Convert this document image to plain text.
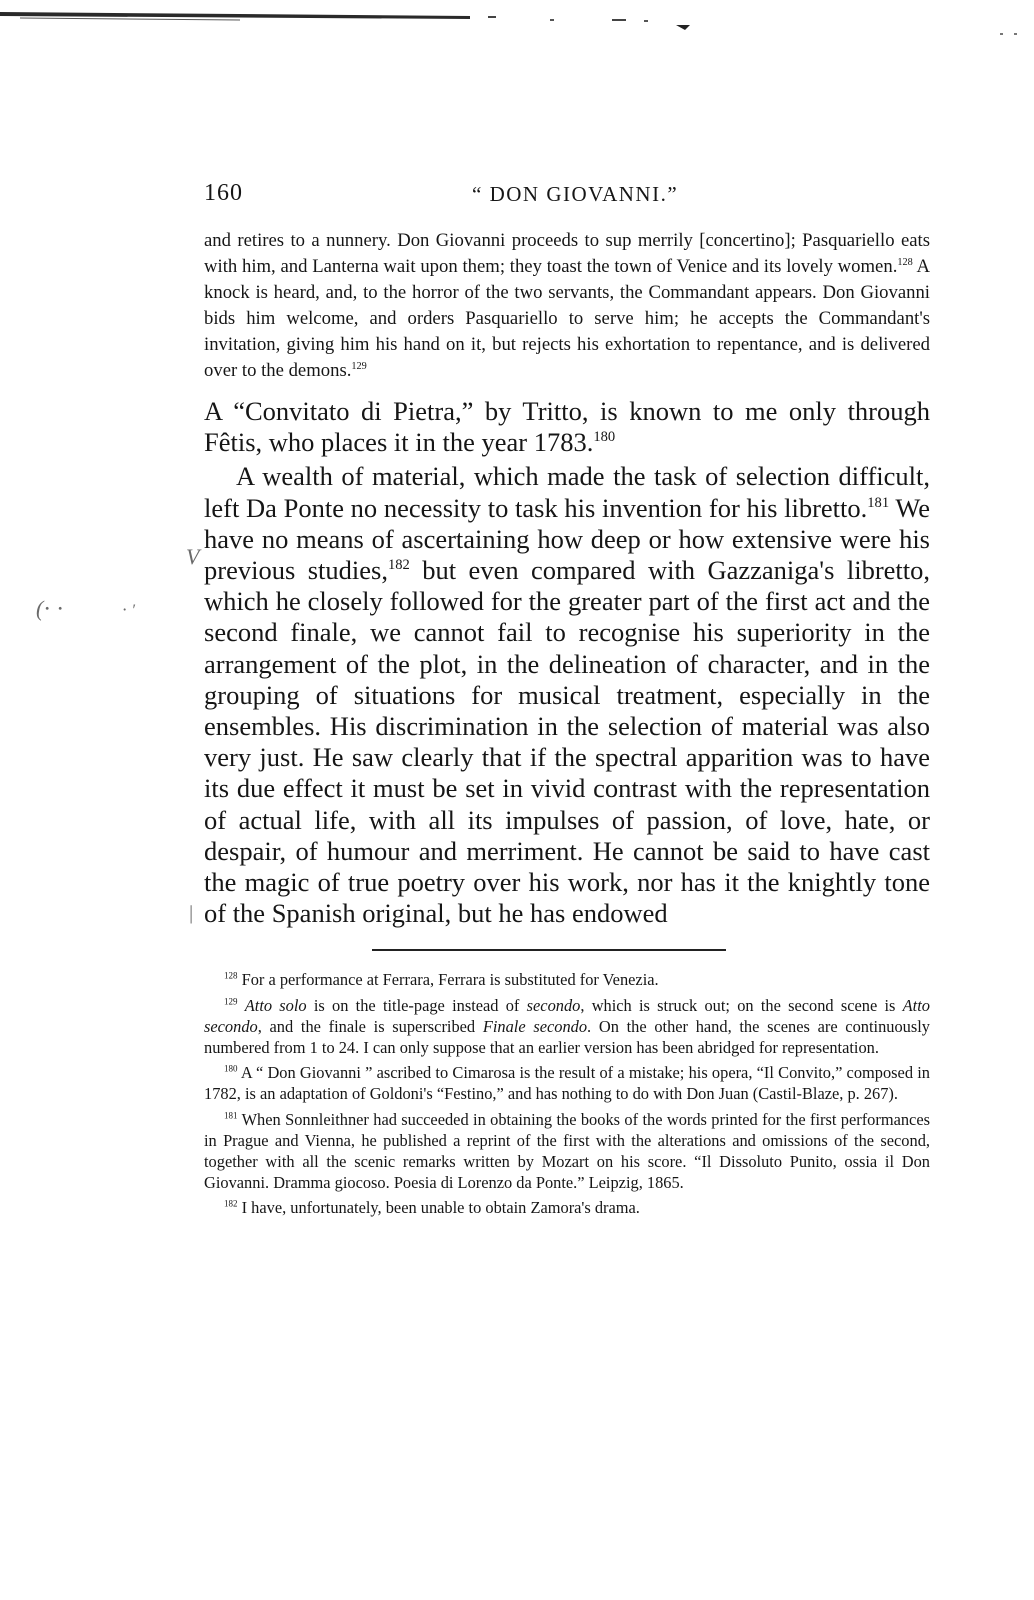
V
(⋅ ⋅	⋅ ′
|
160	“ DON GIOVANNI.”

and retires to a nunnery. Don Giovanni proceeds to sup merrily [concertino]; Pasquariello eats with him, and Lanterna wait upon them; they toast the town of Venice and its lovely women.$^{128}$ A knock is heard, and, to the horror of the two servants, the Commandant appears. Don Giovanni bids him welcome, and orders Pasquariello to serve him; he accepts the Commandant's invitation, giving him his hand on it, but rejects his exhortation to repentance, and is delivered over to the demons.$^{129}$

A “Convitato di Pietra,” by Tritto, is known to me only through Fêtis, who places it in the year 1783.$^{180}$

A wealth of material, which made the task of selection difficult, left Da Ponte no necessity to task his invention for his libretto.$^{181}$ We have no means of ascertaining how deep or how extensive were his previous studies,$^{182}$ but even compared with Gazzaniga's libretto, which he closely followed for the greater part of the first act and the second finale, we cannot fail to recognise his superiority in the arrangement of the plot, in the delineation of character, and in the grouping of situations for musical treatment, especially in the ensembles. His discrimination in the selection of material was also very just. He saw clearly that if the spectral apparition was to have its due effect it must be set in vivid contrast with the representation of actual life, with all its impulses of passion, of love, hate, or despair, of humour and merriment. He cannot be said to have cast the magic of true poetry over his work, nor has it the knightly tone of the Spanish original, but he has endowed

$^{128}$ For a performance at Ferrara, Ferrara is substituted for Venezia.

$^{129}$ Atto solo is on the title-page instead of secondo, which is struck out; on the second scene is Atto secondo, and the finale is superscribed Finale secondo. On the other hand, the scenes are continuously numbered from 1 to 24. I can only suppose that an earlier version has been abridged for representation.

$^{180}$ A “ Don Giovanni ” ascribed to Cimarosa is the result of a mistake; his opera, “Il Convito,” composed in 1782, is an adaptation of Goldoni's “Festino,” and has nothing to do with Don Juan (Castil-Blaze, p. 267).

$^{181}$ When Sonnleithner had succeeded in obtaining the books of the words printed for the first performances in Prague and Vienna, he published a reprint of the first with the alterations and omissions of the second, together with all the scenic remarks written by Mozart on his score. “Il Dissoluto Punito, ossia il Don Giovanni. Dramma giocoso. Poesia di Lorenzo da Ponte.” Leipzig, 1865.

$^{182}$ I have, unfortunately, been unable to obtain Zamora's drama.
